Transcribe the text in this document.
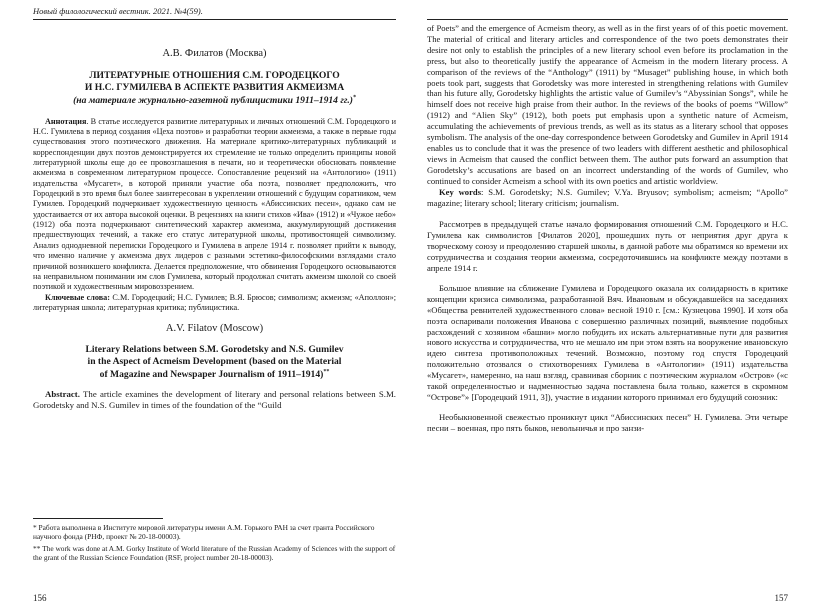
Новый филологический вестник. 2021. №4(59).

А.В. Филатов (Москва)

ЛИТЕРАТУРНЫЕ ОТНОШЕНИЯ С.М. ГОРОДЕЦКОГО
И Н.С. ГУМИЛЕВА В АСПЕКТЕ РАЗВИТИЯ АКМЕИЗМА

(на материале журнально-газетной публицистики 1911–1914 гг.)*

Аннотация. В статье исследуется развитие литературных и личных отношений С.М. Городецкого и Н.С. Гумилева в период создания «Цеха поэтов» и разработки теории акмеизма, а также в первые годы существования этого поэтического движения. На материале критико-литературных публикаций и корреспонденции двух поэтов демонстрируется их стремление не только определить принципы новой литературной школы еще до ее провозглашения в печати, но и теоретически обосновать появление акмеизма в современном литературном процессе. Сопоставление рецензий на «Антологию» (1911) издательства «Мусагет», в которой приняли участие оба поэта, позволяет предположить, что Городецкий в это время был более заинтересован в укреплении отношений с будущим соратником, чем Гумилев. Городецкий подчеркивает художественную ценность «Абиссинских песен», однако сам не удостаивается от их автора высокой оценки. В рецензиях на книги стихов «Ива» (1912) и «Чужое небо» (1912) оба поэта подчеркивают синтетический характер акмеизма, аккумулирующий достижения предшествующих течений, а также его статус литературной школы, противостоящей символизму. Анализ однодневной переписки Городецкого и Гумилева в апреле 1914 г. позволяет прийти к выводу, что именно наличие у акмеизма двух лидеров с разными эстетико-философскими взглядами стало причиной возникшего конфликта. Делается предположение, что обвинения Городецкого основываются на неправильном понимании им слов Гумилева, который продолжал считать акмеизм школой со своей поэтикой и художественным мировоззрением.

Ключевые слова: С.М. Городецкий; Н.С. Гумилев; В.Я. Брюсов; символизм; акмеизм; «Аполлон»; литературная школа; литературная критика; публицистика.

A.V. Filatov (Moscow)

Literary Relations between S.M. Gorodetsky and N.S. Gumilev
in the Aspect of Acmeism Development (based on the Material
of Magazine and Newspaper Journalism of 1911–1914)**

Abstract. The article examines the development of literary and personal relations between S.M. Gorodetsky and N.S. Gumilev in times of the foundation of the “Guild

* Работа выполнена в Институте мировой литературы имени А.М. Горького РАН за счет гранта Российского научного фонда (РНФ, проект № 20-18-00003).

** The work was done at A.M. Gorky Institute of World literature of the Russian Academy of Sciences with the support of the grant of the Russian Science Foundation (RSF, project number 20-18-00003).

156

of Poets” and the emergence of Acmeism theory, as well as in the first years of of this poetic movement. The material of critical and literary articles and correspondence of the two poets demonstrates their desire not only to establish the principles of a new literary school even before its proclamation in the press, but also to theoretically justify the appearance of Acmeism in the modern literary process. A comparison of the reviews of the “Anthology” (1911) by “Musaget” publishing house, in which both poets took part, suggests that Gorodetsky was more interested in strengthening relations with Gumilev than his future ally, Gorodetsky highlights the artistic value of Gumilev’s “Abyssinian Songs”, while he himself does not receive high praise from their author. In the reviews of the books of poems “Willow” (1912) and “Alien Sky” (1912), both poets put emphasis upon a synthetic nature of Acmeism, accumulating the achievements of previous trends, as well as its status as a literary school that opposes symbolism. The analysis of the one-day correspondence between Gorodetsky and Gumilev in April 1914 enables us to conclude that it was the presence of two leaders with different aesthetic and philosophical views in Acmeism that caused the conflict between them. The author puts forward an assumption that Gorodetsky’s accusations are based on an incorrect understanding of the words of Gumilev, who continued to consider Acmeism a school with its own poetics and artistic worldview.

Key words: S.M. Gorodetsky; N.S. Gumilev; V.Ya. Bryusov; symbolism; acmeism; “Apollo” magazine; literary school; literary criticism; journalism.

Рассмотрев в предыдущей статье начало формирования отношений С.М. Городецкого и Н.С. Гумилева как символистов [Филатов 2020], прошедших путь от неприятия друг друга к творческому союзу и преодолению старшей школы, в данной работе мы обратимся ко времени их сотрудничества и создания теории акмеизма, сосредоточившись на конфликте между поэтами в апреле 1914 г.

Большое влияние на сближение Гумилева и Городецкого оказала их солидарность в критике концепции кризиса символизма, разработанной Вяч. Ивановым и обсуждавшейся на заседаниях «Общества ревнителей художественного слова» весной 1910 г. [см.: Кузнецова 1990]. И хотя оба поэта оспаривали положения Иванова с совершенно различных позиций, выявление подобных расхождений с хозяином «башни» могло побудить их искать альтернативные пути для развития нового искусства и сотрудничества, что не мешало им при этом взять на вооружение ивановскую идею синтеза противоположных течений. Возможно, поэтому год спустя Городецкий положительно отозвался о стихотворениях Гумилева в «Антологии» (1911) издательства «Мусагет», намеренно, на наш взгляд, сравнивая сборник с поэтическим журналом «Остров» («с такой определенностью и надменностью задача поставлена была только, кажется в скромном “Острове”» [Городецкий 1911, 3]), участие в издании которого принимал его будущий союзник:

Необыкновенной свежестью проникнут цикл “Абиссинских песен” Н. Гумилева. Эти четыре песни – военная, про пять быков, невольничья и про занзи-

157
